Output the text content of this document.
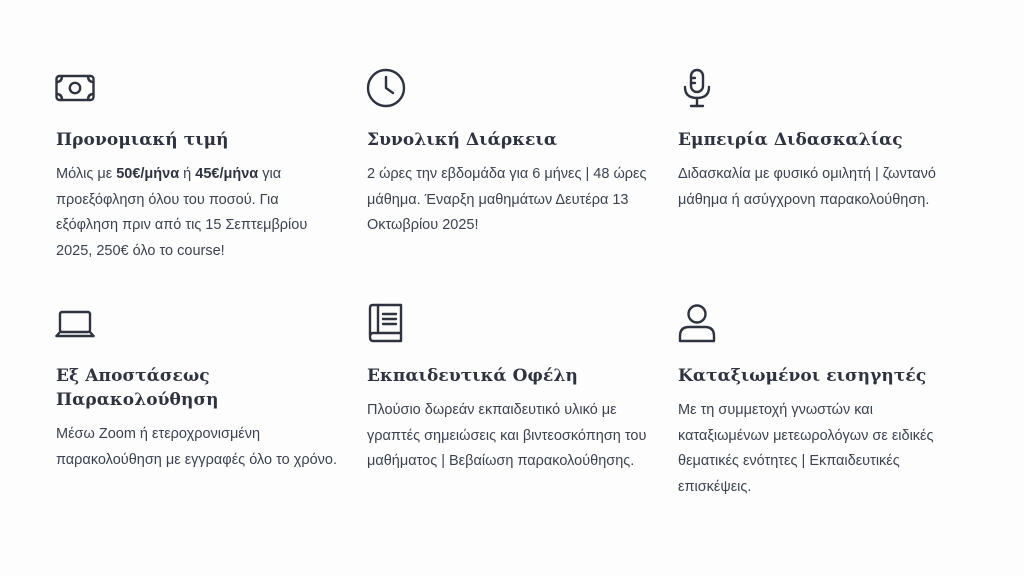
Προνομιακή τιμή
Μόλις με 50€/μήνα ή 45€/μήνα για προεξόφληση όλου του ποσού. Για εξόφληση πριν από τις 15 Σεπτεμβρίου 2025, 250€ όλο το course!
Συνολική Διάρκεια
2 ώρες την εβδομάδα για 6 μήνες | 48 ώρες μάθημα. Έναρξη μαθημάτων Δευτέρα 13 Οκτωβρίου 2025!
Εμπειρία Διδασκαλίας
Διδασκαλία με φυσικό ομιλητή | ζωντανό μάθημα ή ασύγχρονη παρακολούθηση.
Εξ Αποστάσεως Παρακολούθηση
Μέσω Zoom ή ετεροχρονισμένη παρακολούθηση με εγγραφές όλο το χρόνο.
Εκπαιδευτικά Οφέλη
Πλούσιο δωρεάν εκπαιδευτικό υλικό με γραπτές σημειώσεις και βιντεοσκόπηση του μαθήματος | Βεβαίωση παρακολούθησης.
Καταξιωμένοι εισηγητές
Με τη συμμετοχή γνωστών και καταξιωμένων μετεωρολόγων σε ειδικές θεματικές ενότητες | Εκπαιδευτικές επισκέψεις.
